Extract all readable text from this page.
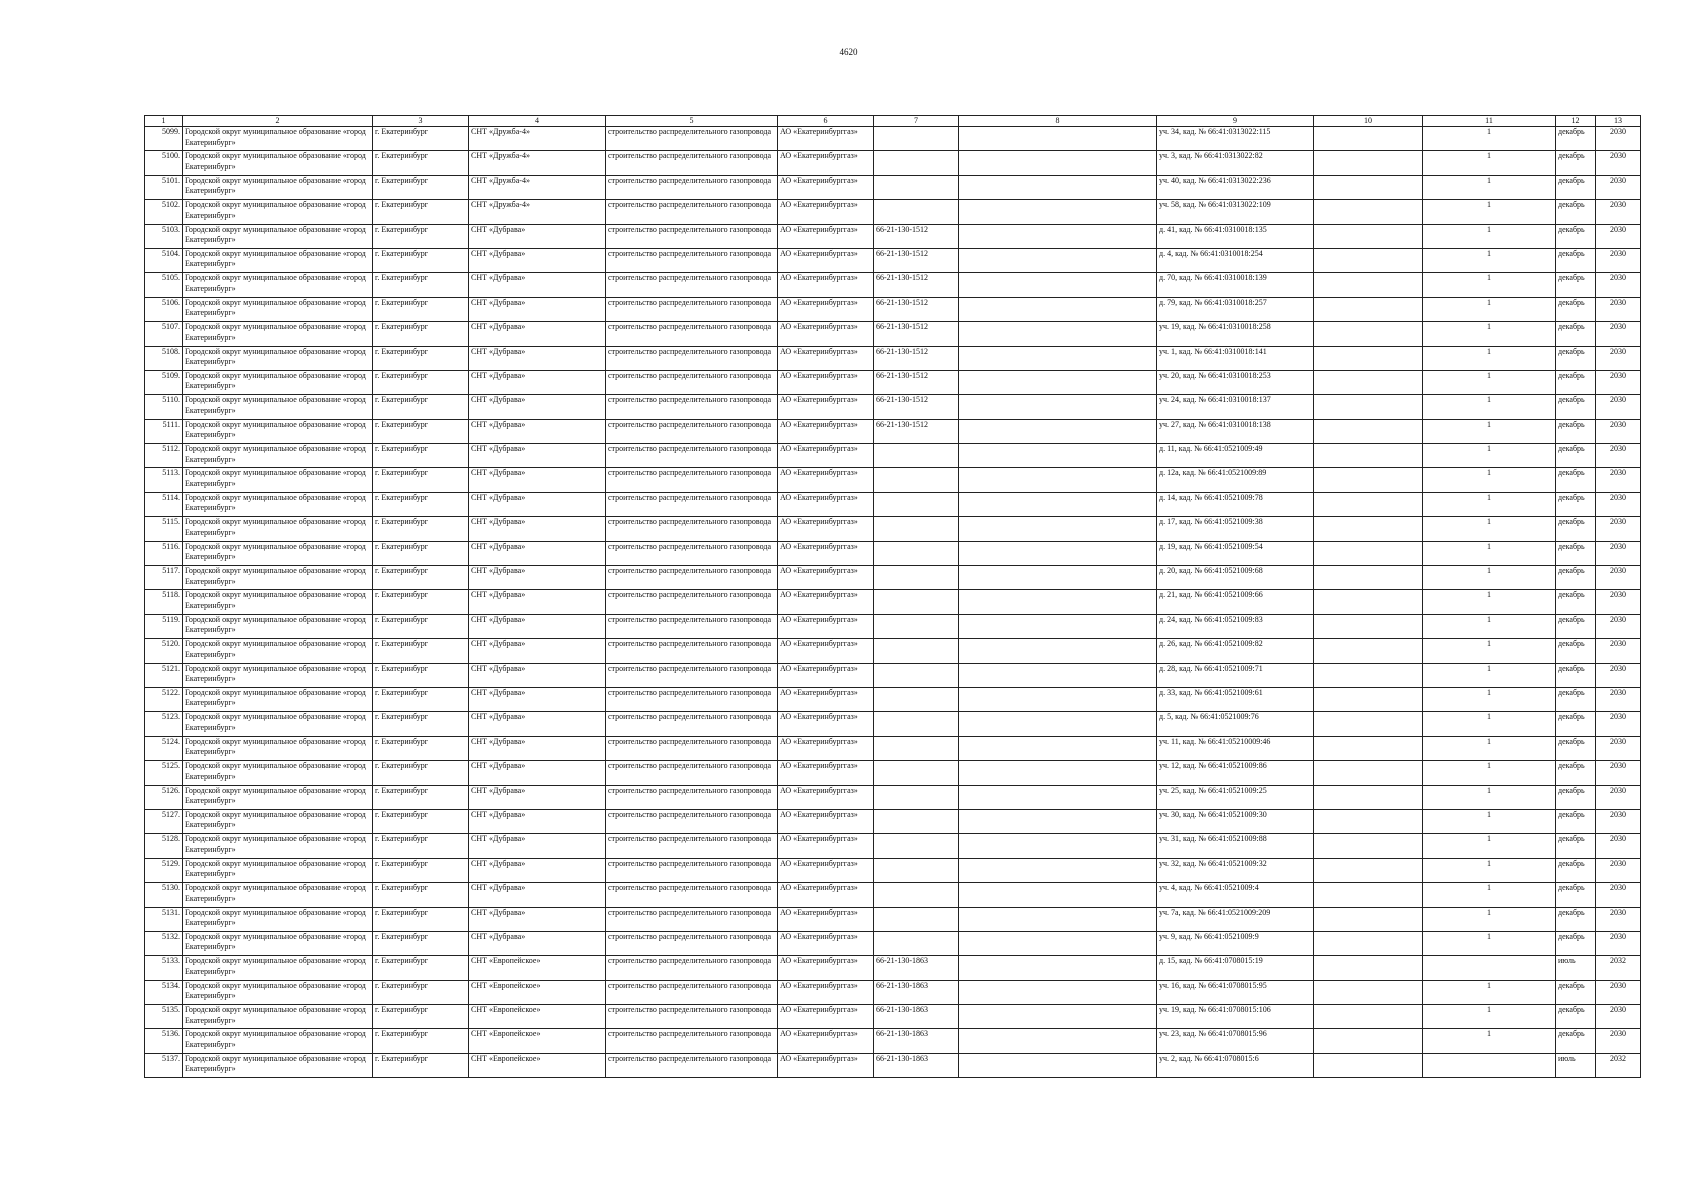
4620
1	2	3	4	5	6	7	8	9	10	11	12	13
5099.	Городской округ муниципальное образование «город Екатеринбург»	г. Екатеринбург	СНТ «Дружба-4»	строительство распределительного газопровода	АО «Екатеринбурггаз»			уч. 34, кад. № 66:41:0313022:115		1	декабрь	2030
5100.	Городской округ муниципальное образование «город Екатеринбург»	г. Екатеринбург	СНТ «Дружба-4»	строительство распределительного газопровода	АО «Екатеринбурггаз»			уч. 3, кад. № 66:41:0313022:82		1	декабрь	2030
5101.	Городской округ муниципальное образование «город Екатеринбург»	г. Екатеринбург	СНТ «Дружба-4»	строительство распределительного газопровода	АО «Екатеринбурггаз»			уч. 40, кад. № 66:41:0313022:236		1	декабрь	2030
5102.	Городской округ муниципальное образование «город Екатеринбург»	г. Екатеринбург	СНТ «Дружба-4»	строительство распределительного газопровода	АО «Екатеринбурггаз»			уч. 58, кад. № 66:41:0313022:109		1	декабрь	2030
5103.	Городской округ муниципальное образование «город Екатеринбург»	г. Екатеринбург	СНТ «Дубрава»	строительство распределительного газопровода	АО «Екатеринбурггаз»	66-21-130-1512		д. 41, кад. № 66:41:0310018:135		1	декабрь	2030
5104.	Городской округ муниципальное образование «город Екатеринбург»	г. Екатеринбург	СНТ «Дубрава»	строительство распределительного газопровода	АО «Екатеринбурггаз»	66-21-130-1512		д. 4, кад. № 66:41:0310018:254		1	декабрь	2030
5105.	Городской округ муниципальное образование «город Екатеринбург»	г. Екатеринбург	СНТ «Дубрава»	строительство распределительного газопровода	АО «Екатеринбурггаз»	66-21-130-1512		д. 70, кад. № 66:41:0310018:139		1	декабрь	2030
5106.	Городской округ муниципальное образование «город Екатеринбург»	г. Екатеринбург	СНТ «Дубрава»	строительство распределительного газопровода	АО «Екатеринбурггаз»	66-21-130-1512		д. 79, кад. № 66:41:0310018:257		1	декабрь	2030
5107.	Городской округ муниципальное образование «город Екатеринбург»	г. Екатеринбург	СНТ «Дубрава»	строительство распределительного газопровода	АО «Екатеринбурггаз»	66-21-130-1512		уч. 19, кад. № 66:41:0310018:258		1	декабрь	2030
5108.	Городской округ муниципальное образование «город Екатеринбург»	г. Екатеринбург	СНТ «Дубрава»	строительство распределительного газопровода	АО «Екатеринбурггаз»	66-21-130-1512		уч. 1, кад. № 66:41:0310018:141		1	декабрь	2030
5109.	Городской округ муниципальное образование «город Екатеринбург»	г. Екатеринбург	СНТ «Дубрава»	строительство распределительного газопровода	АО «Екатеринбурггаз»	66-21-130-1512		уч. 20, кад. № 66:41:0310018:253		1	декабрь	2030
5110.	Городской округ муниципальное образование «город Екатеринбург»	г. Екатеринбург	СНТ «Дубрава»	строительство распределительного газопровода	АО «Екатеринбурггаз»	66-21-130-1512		уч. 24, кад. № 66:41:0310018:137		1	декабрь	2030
5111.	Городской округ муниципальное образование «город Екатеринбург»	г. Екатеринбург	СНТ «Дубрава»	строительство распределительного газопровода	АО «Екатеринбурггаз»	66-21-130-1512		уч. 27, кад. № 66:41:0310018:138		1	декабрь	2030
5112.	Городской округ муниципальное образование «город Екатеринбург»	г. Екатеринбург	СНТ «Дубрава»	строительство распределительного газопровода	АО «Екатеринбурггаз»			д. 11, кад. № 66:41:0521009:49		1	декабрь	2030
5113.	Городской округ муниципальное образование «город Екатеринбург»	г. Екатеринбург	СНТ «Дубрава»	строительство распределительного газопровода	АО «Екатеринбурггаз»			д. 12а, кад. № 66:41:0521009:89		1	декабрь	2030
5114.	Городской округ муниципальное образование «город Екатеринбург»	г. Екатеринбург	СНТ «Дубрава»	строительство распределительного газопровода	АО «Екатеринбурггаз»			д. 14, кад. № 66:41:0521009:78		1	декабрь	2030
5115.	Городской округ муниципальное образование «город Екатеринбург»	г. Екатеринбург	СНТ «Дубрава»	строительство распределительного газопровода	АО «Екатеринбурггаз»			д. 17, кад. № 66:41:0521009:38		1	декабрь	2030
5116.	Городской округ муниципальное образование «город Екатеринбург»	г. Екатеринбург	СНТ «Дубрава»	строительство распределительного газопровода	АО «Екатеринбурггаз»			д. 19, кад. № 66:41:0521009:54		1	декабрь	2030
5117.	Городской округ муниципальное образование «город Екатеринбург»	г. Екатеринбург	СНТ «Дубрава»	строительство распределительного газопровода	АО «Екатеринбурггаз»			д. 20, кад. № 66:41:0521009:68		1	декабрь	2030
5118.	Городской округ муниципальное образование «город Екатеринбург»	г. Екатеринбург	СНТ «Дубрава»	строительство распределительного газопровода	АО «Екатеринбурггаз»			д. 21, кад. № 66:41:0521009:66		1	декабрь	2030
5119.	Городской округ муниципальное образование «город Екатеринбург»	г. Екатеринбург	СНТ «Дубрава»	строительство распределительного газопровода	АО «Екатеринбурггаз»			д. 24, кад. № 66:41:0521009:83		1	декабрь	2030
5120.	Городской округ муниципальное образование «город Екатеринбург»	г. Екатеринбург	СНТ «Дубрава»	строительство распределительного газопровода	АО «Екатеринбурггаз»			д. 26, кад. № 66:41:0521009:82		1	декабрь	2030
5121.	Городской округ муниципальное образование «город Екатеринбург»	г. Екатеринбург	СНТ «Дубрава»	строительство распределительного газопровода	АО «Екатеринбурггаз»			д. 28, кад. № 66:41:0521009:71		1	декабрь	2030
5122.	Городской округ муниципальное образование «город Екатеринбург»	г. Екатеринбург	СНТ «Дубрава»	строительство распределительного газопровода	АО «Екатеринбурггаз»			д. 33, кад. № 66:41:0521009:61		1	декабрь	2030
5123.	Городской округ муниципальное образование «город Екатеринбург»	г. Екатеринбург	СНТ «Дубрава»	строительство распределительного газопровода	АО «Екатеринбурггаз»			д. 5, кад. № 66:41:0521009:76		1	декабрь	2030
5124.	Городской округ муниципальное образование «город Екатеринбург»	г. Екатеринбург	СНТ «Дубрава»	строительство распределительного газопровода	АО «Екатеринбурггаз»			уч. 11, кад. № 66:41:05210009:46		1	декабрь	2030
5125.	Городской округ муниципальное образование «город Екатеринбург»	г. Екатеринбург	СНТ «Дубрава»	строительство распределительного газопровода	АО «Екатеринбурггаз»			уч. 12, кад. № 66:41:0521009:86		1	декабрь	2030
5126.	Городской округ муниципальное образование «город Екатеринбург»	г. Екатеринбург	СНТ «Дубрава»	строительство распределительного газопровода	АО «Екатеринбурггаз»			уч. 25, кад. № 66:41:0521009:25		1	декабрь	2030
5127.	Городской округ муниципальное образование «город Екатеринбург»	г. Екатеринбург	СНТ «Дубрава»	строительство распределительного газопровода	АО «Екатеринбурггаз»			уч. 30, кад. № 66:41:0521009:30		1	декабрь	2030
5128.	Городской округ муниципальное образование «город Екатеринбург»	г. Екатеринбург	СНТ «Дубрава»	строительство распределительного газопровода	АО «Екатеринбурггаз»			уч. 31, кад. № 66:41:0521009:88		1	декабрь	2030
5129.	Городской округ муниципальное образование «город Екатеринбург»	г. Екатеринбург	СНТ «Дубрава»	строительство распределительного газопровода	АО «Екатеринбурггаз»			уч. 32, кад. № 66:41:0521009:32		1	декабрь	2030
5130.	Городской округ муниципальное образование «город Екатеринбург»	г. Екатеринбург	СНТ «Дубрава»	строительство распределительного газопровода	АО «Екатеринбурггаз»			уч. 4, кад. № 66:41:0521009:4		1	декабрь	2030
5131.	Городской округ муниципальное образование «город Екатеринбург»	г. Екатеринбург	СНТ «Дубрава»	строительство распределительного газопровода	АО «Екатеринбурггаз»			уч. 7а, кад. № 66:41:0521009:209		1	декабрь	2030
5132.	Городской округ муниципальное образование «город Екатеринбург»	г. Екатеринбург	СНТ «Дубрава»	строительство распределительного газопровода	АО «Екатеринбурггаз»			уч. 9, кад. № 66:41:0521009:9		1	декабрь	2030
5133.	Городской округ муниципальное образование «город Екатеринбург»	г. Екатеринбург	СНТ «Европейское»	строительство распределительного газопровода	АО «Екатеринбурггаз»	66-21-130-1863		д. 15, кад. № 66:41:0708015:19			июль	2032
5134.	Городской округ муниципальное образование «город Екатеринбург»	г. Екатеринбург	СНТ «Европейское»	строительство распределительного газопровода	АО «Екатеринбурггаз»	66-21-130-1863		уч. 16, кад. № 66:41:0708015:95		1	декабрь	2030
5135.	Городской округ муниципальное образование «город Екатеринбург»	г. Екатеринбург	СНТ «Европейское»	строительство распределительного газопровода	АО «Екатеринбурггаз»	66-21-130-1863		уч. 19, кад. № 66:41:0708015:106		1	декабрь	2030
5136.	Городской округ муниципальное образование «город Екатеринбург»	г. Екатеринбург	СНТ «Европейское»	строительство распределительного газопровода	АО «Екатеринбурггаз»	66-21-130-1863		уч. 23, кад. № 66:41:0708015:96		1	декабрь	2030
5137.	Городской округ муниципальное образование «город Екатеринбург»	г. Екатеринбург	СНТ «Европейское»	строительство распределительного газопровода	АО «Екатеринбурггаз»	66-21-130-1863		уч. 2, кад. № 66:41:0708015:6			июль	2032
